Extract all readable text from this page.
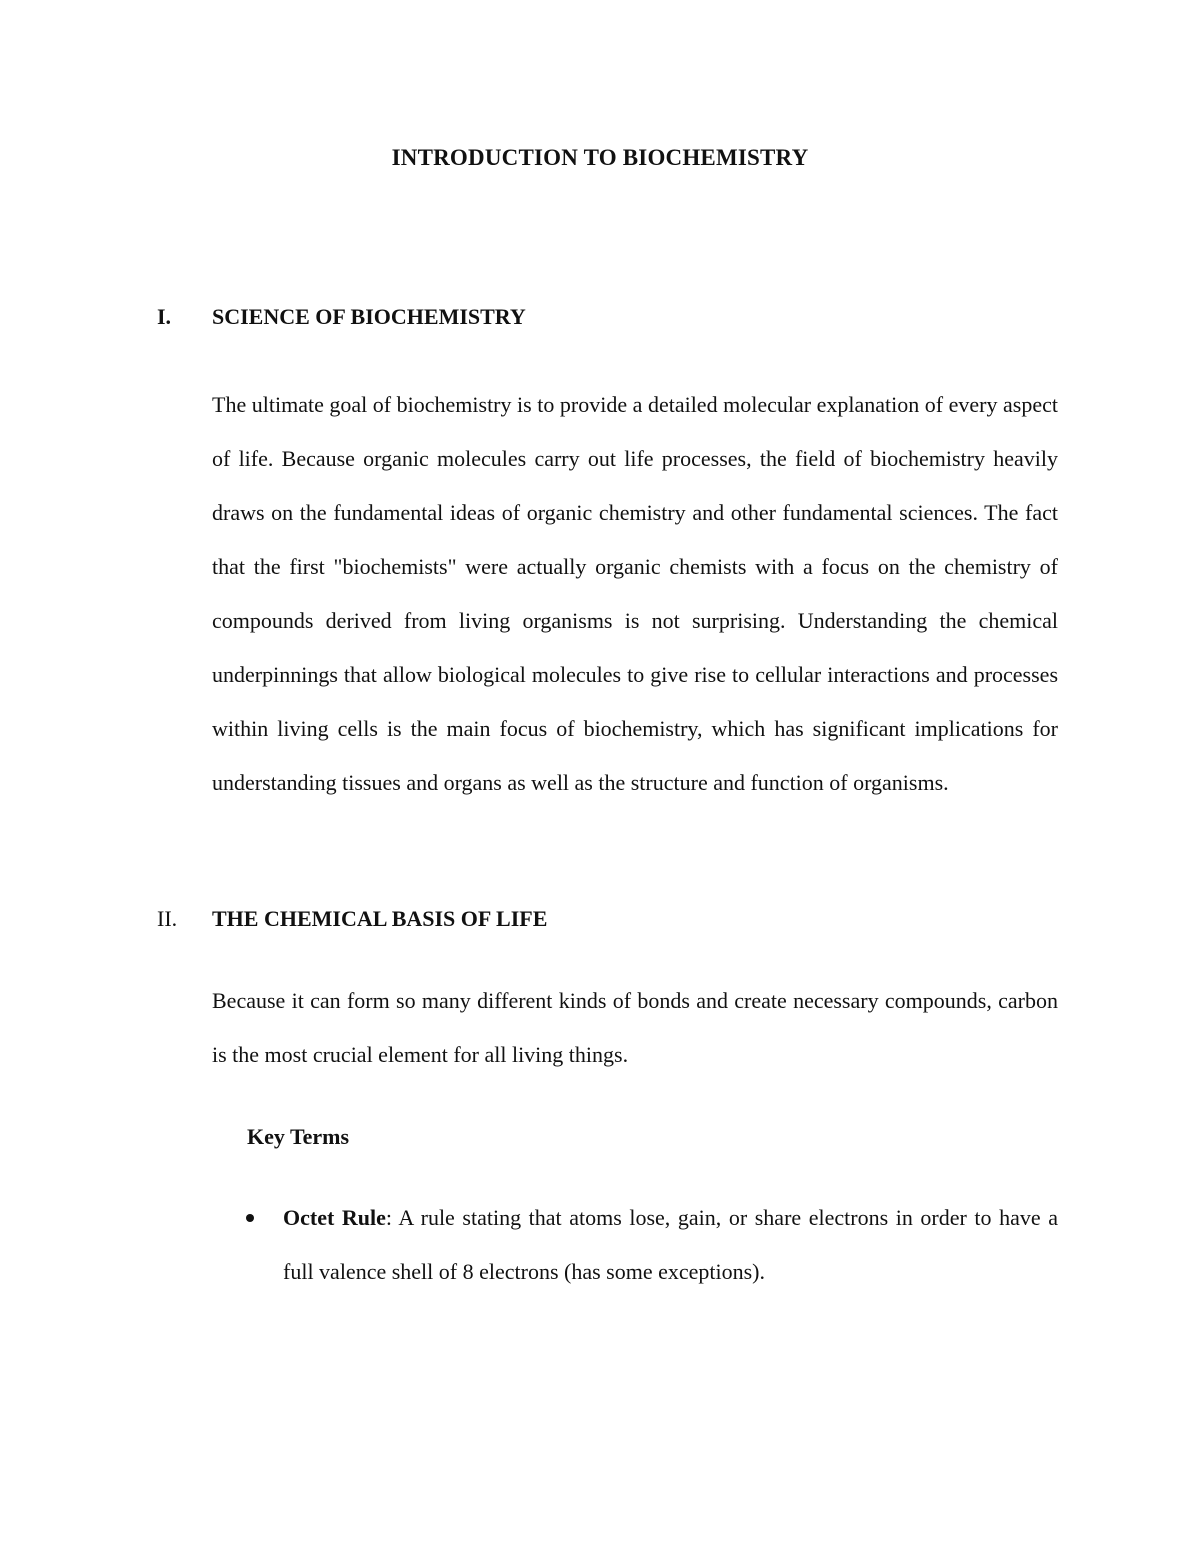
INTRODUCTION TO BIOCHEMISTRY
I.	SCIENCE OF BIOCHEMISTRY

The ultimate goal of biochemistry is to provide a detailed molecular explanation of every aspect of life. Because organic molecules carry out life processes, the field of biochemistry heavily draws on the fundamental ideas of organic chemistry and other fundamental sciences. The fact that the first "biochemists" were actually organic chemists with a focus on the chemistry of compounds derived from living organisms is not surprising. Understanding the chemical underpinnings that allow biological molecules to give rise to cellular interactions and processes within living cells is the main focus of biochemistry, which has significant implications for understanding tissues and organs as well as the structure and function of organisms.

II.	THE CHEMICAL BASIS OF LIFE

Because it can form so many different kinds of bonds and create necessary compounds, carbon is the most crucial element for all living things.

Key Terms
Octet Rule: A rule stating that atoms lose, gain, or share electrons in order to have a full valence shell of 8 electrons (has some exceptions).
